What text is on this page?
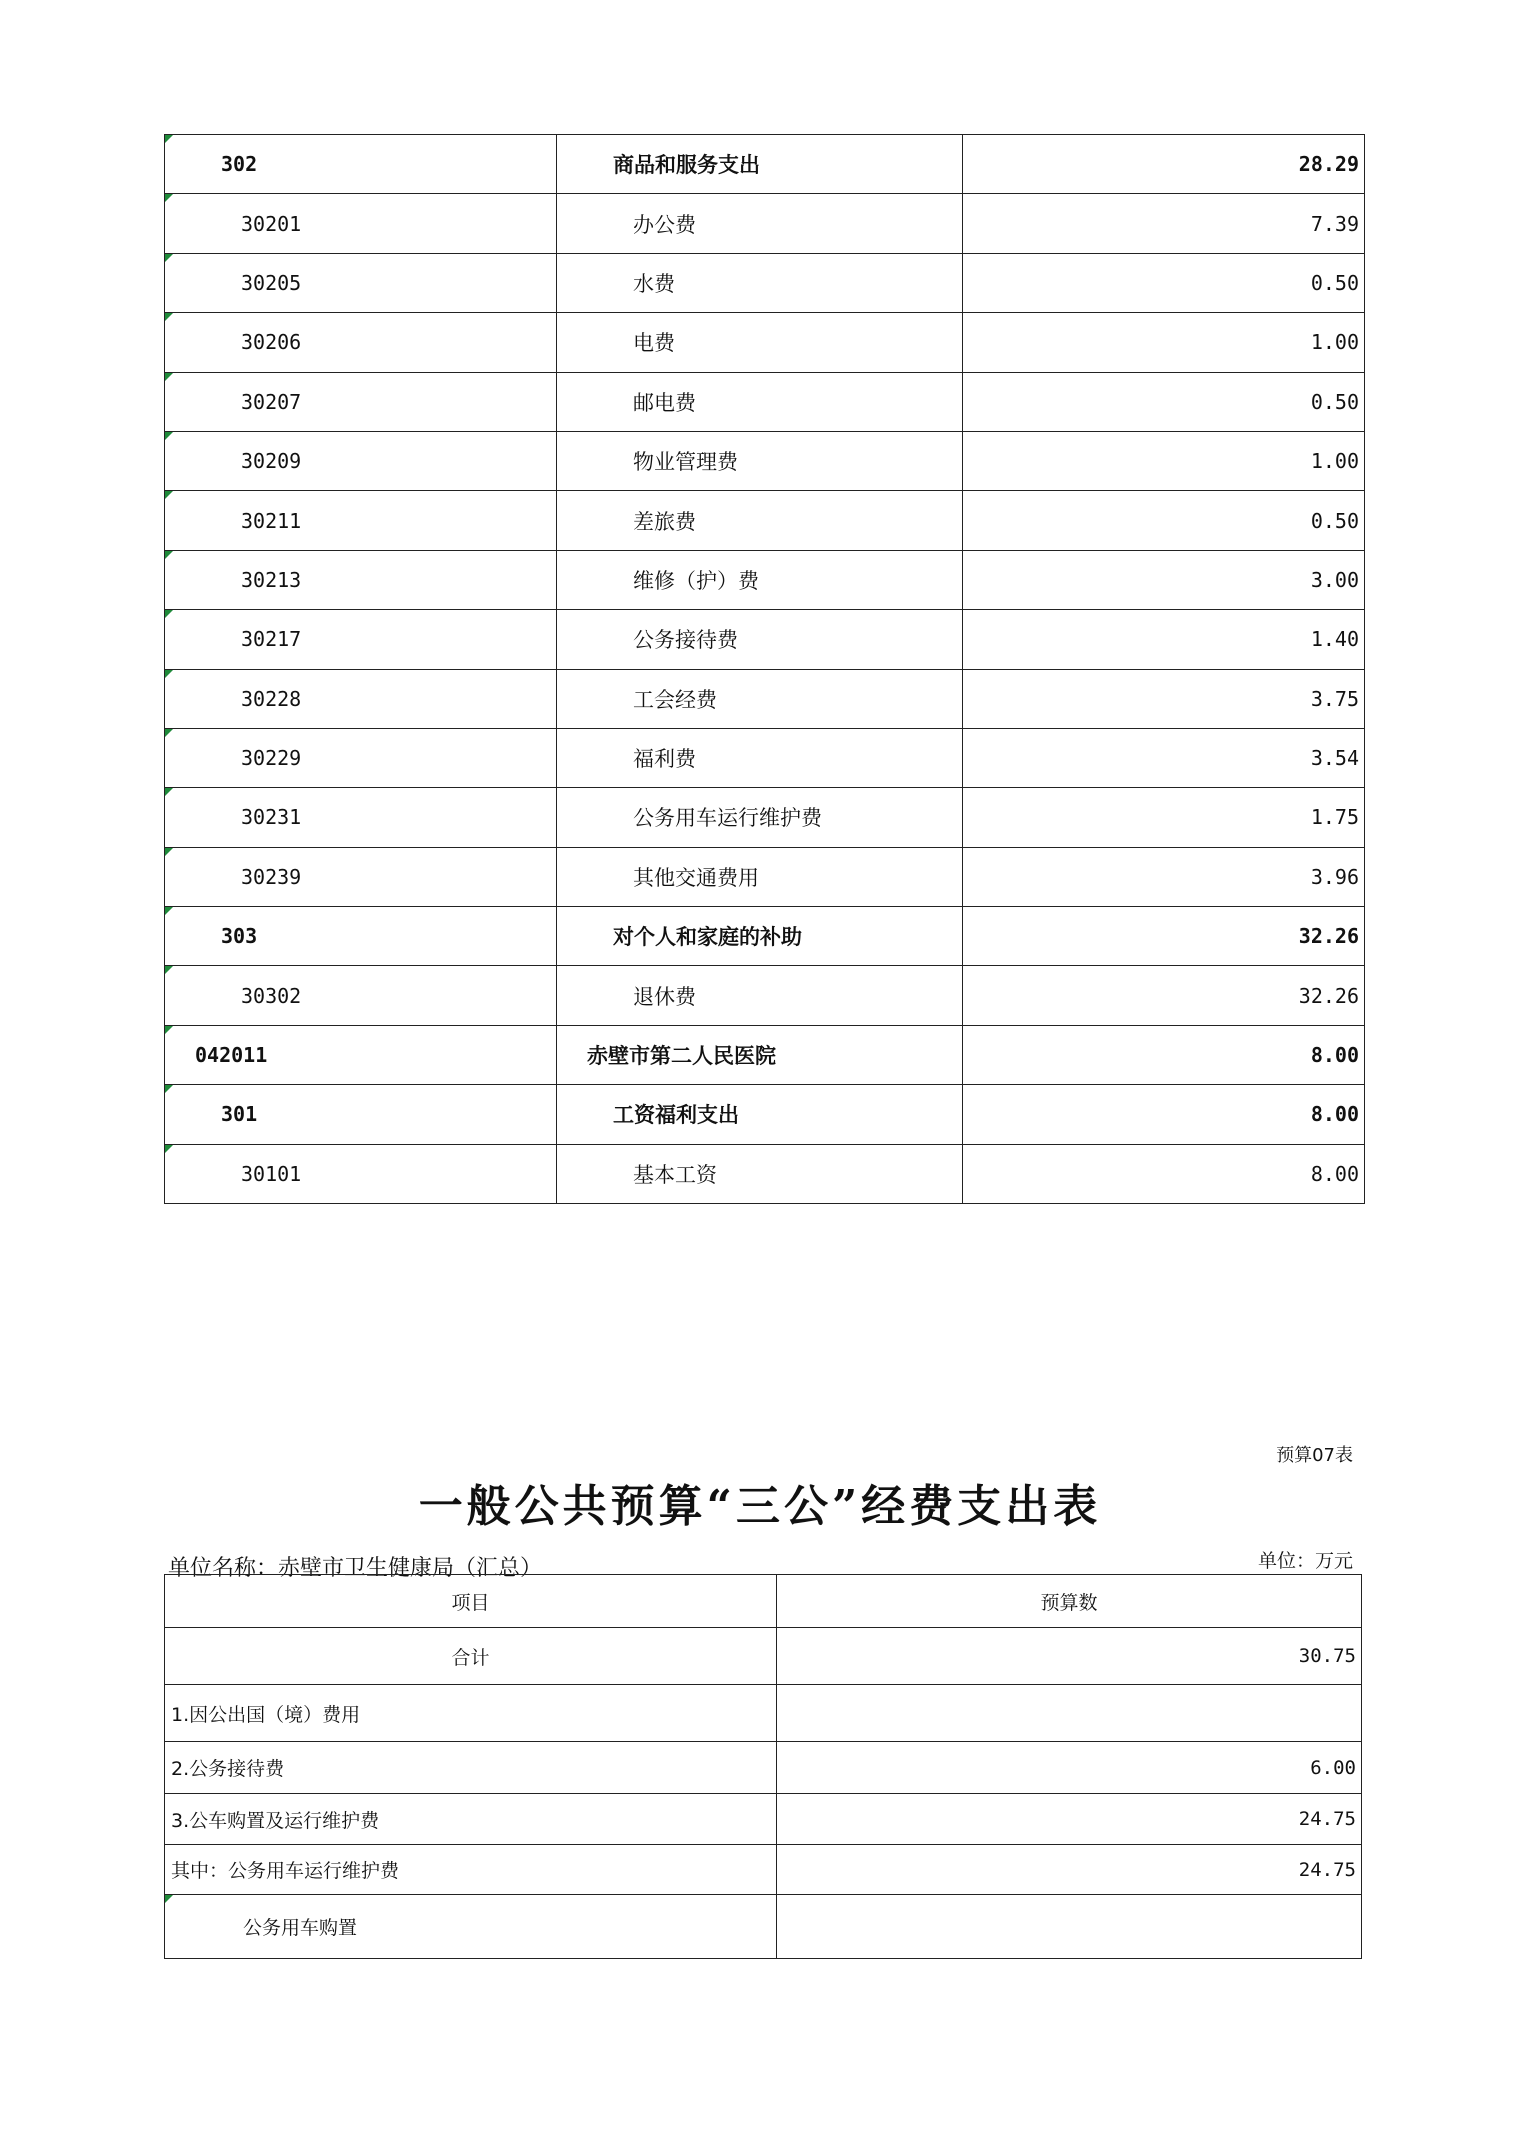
302	商品和服务支出	28.29
30201	办公费	7.39
30205	水费	0.50
30206	电费	1.00
30207	邮电费	0.50
30209	物业管理费	1.00
30211	差旅费	0.50
30213	维修（护）费	3.00
30217	公务接待费	1.40
30228	工会经费	3.75
30229	福利费	3.54
30231	公务用车运行维护费	1.75
30239	其他交通费用	3.96
303	对个人和家庭的补助	32.26
30302	退休费	32.26
042011	赤壁市第二人民医院	8.00
301	工资福利支出	8.00
30101	基本工资	8.00
预算07表
一般公共预算“三公”经费支出表
单位名称：赤壁市卫生健康局（汇总）	单位：万元
项目	预算数
合计	30.75
1.因公出国（境）费用	
2.公务接待费	6.00
3.公车购置及运行维护费	24.75
其中：公务用车运行维护费	24.75
公务用车购置	
